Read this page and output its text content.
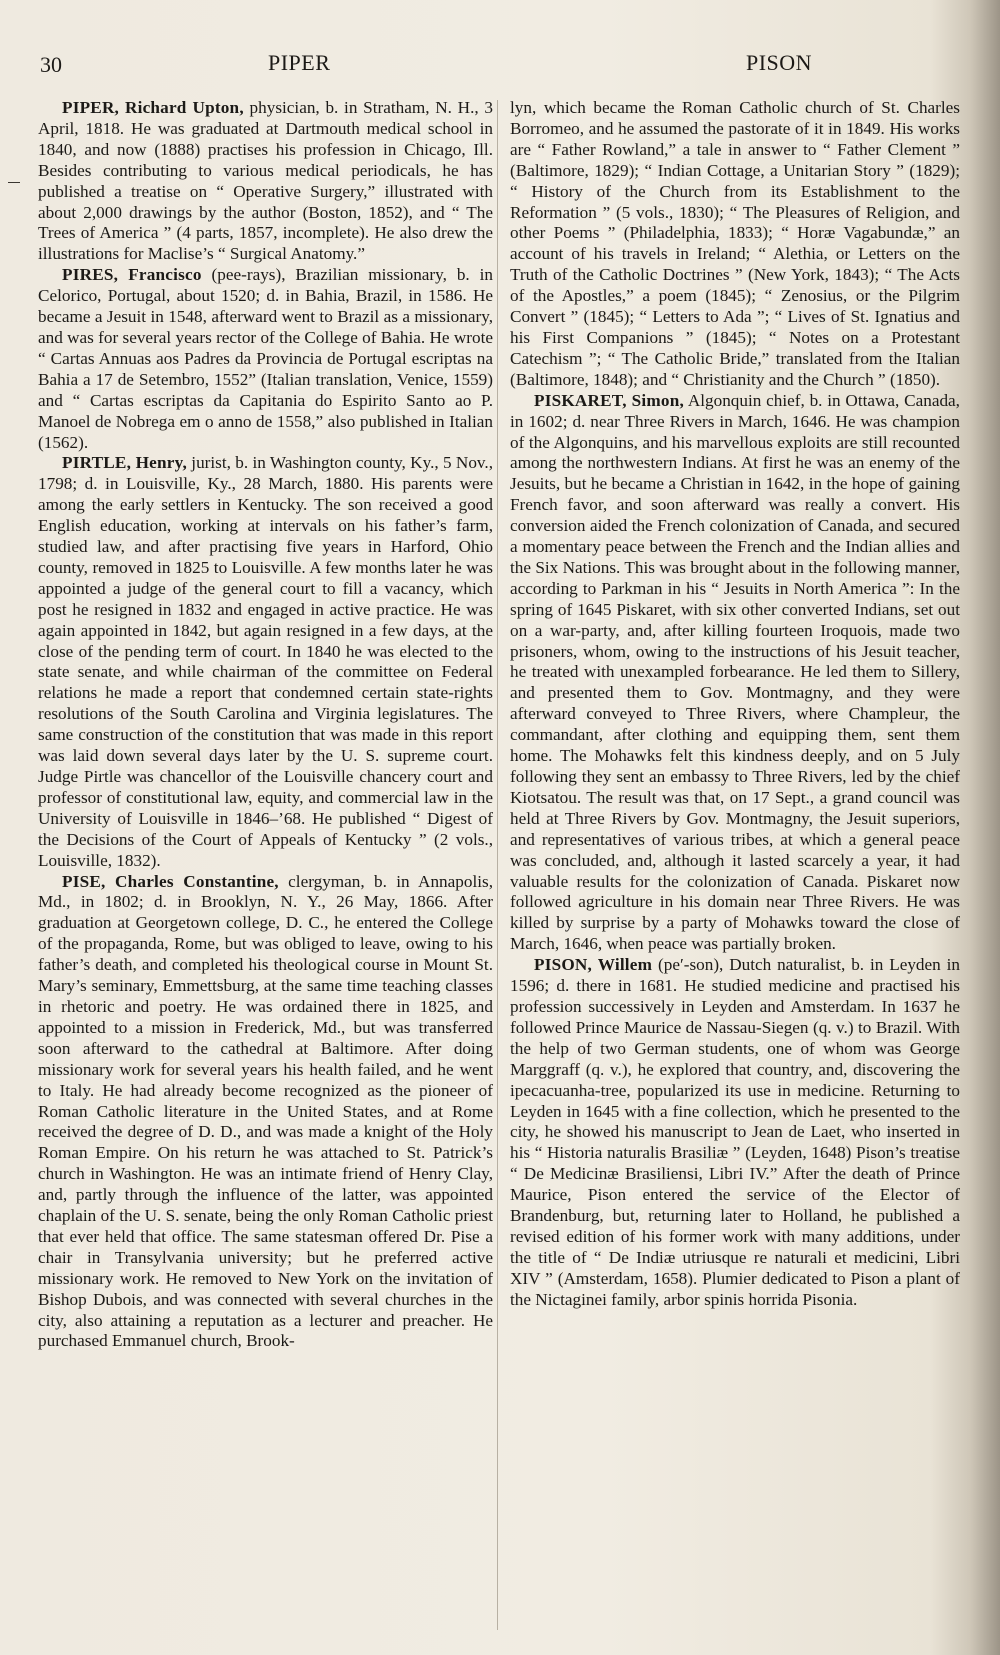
30	PIPER	PISON

PIPER, Richard Upton, physician, b. in Stratham, N. H., 3 April, 1818. He was graduated at Dartmouth medical school in 1840, and now (1888) practises his profession in Chicago, Ill. Besides contributing to various medical periodicals, he has published a treatise on “ Operative Surgery,” illustrated with about 2,000 drawings by the author (Boston, 1852), and “ The Trees of America ” (4 parts, 1857, incomplete). He also drew the illustrations for Maclise’s “ Surgical Anatomy.”

PIRES, Francisco (pee-rays), Brazilian missionary, b. in Celorico, Portugal, about 1520; d. in Bahia, Brazil, in 1586. He became a Jesuit in 1548, afterward went to Brazil as a missionary, and was for several years rector of the College of Bahia. He wrote “ Cartas Annuas aos Padres da Provincia de Portugal escriptas na Bahia a 17 de Setembro, 1552” (Italian translation, Venice, 1559) and “ Cartas escriptas da Capitania do Espirito Santo ao P. Manoel de Nobrega em o anno de 1558,” also published in Italian (1562).

PIRTLE, Henry, jurist, b. in Washington county, Ky., 5 Nov., 1798; d. in Louisville, Ky., 28 March, 1880. His parents were among the early settlers in Kentucky. The son received a good English education, working at intervals on his father’s farm, studied law, and after practising five years in Harford, Ohio county, removed in 1825 to Louisville. A few months later he was appointed a judge of the general court to fill a vacancy, which post he resigned in 1832 and engaged in active practice. He was again appointed in 1842, but again resigned in a few days, at the close of the pending term of court. In 1840 he was elected to the state senate, and while chairman of the committee on Federal relations he made a report that condemned certain state-rights resolutions of the South Carolina and Virginia legislatures. The same construction of the constitution that was made in this report was laid down several days later by the U. S. supreme court. Judge Pirtle was chancellor of the Louisville chancery court and professor of constitutional law, equity, and commercial law in the University of Louisville in 1846–’68. He published “ Digest of the Decisions of the Court of Appeals of Kentucky ” (2 vols., Louisville, 1832).

PISE, Charles Constantine, clergyman, b. in Annapolis, Md., in 1802; d. in Brooklyn, N. Y., 26 May, 1866. After graduation at Georgetown college, D. C., he entered the College of the propaganda, Rome, but was obliged to leave, owing to his father’s death, and completed his theological course in Mount St. Mary’s seminary, Emmettsburg, at the same time teaching classes in rhetoric and poetry. He was ordained there in 1825, and appointed to a mission in Frederick, Md., but was transferred soon afterward to the cathedral at Baltimore. After doing missionary work for several years his health failed, and he went to Italy. He had already become recognized as the pioneer of Roman Catholic literature in the United States, and at Rome received the degree of D. D., and was made a knight of the Holy Roman Empire. On his return he was attached to St. Patrick’s church in Washington. He was an intimate friend of Henry Clay, and, partly through the influence of the latter, was appointed chaplain of the U. S. senate, being the only Roman Catholic priest that ever held that office. The same statesman offered Dr. Pise a chair in Transylvania university; but he preferred active missionary work. He removed to New York on the invitation of Bishop Dubois, and was connected with several churches in the city, also attaining a reputation as a lecturer and preacher. He purchased Emmanuel church, Brook-

lyn, which became the Roman Catholic church of St. Charles Borromeo, and he assumed the pastorate of it in 1849. His works are “ Father Rowland,” a tale in answer to “ Father Clement ” (Baltimore, 1829); “ Indian Cottage, a Unitarian Story ” (1829); “ History of the Church from its Establishment to the Reformation ” (5 vols., 1830); “ The Pleasures of Religion, and other Poems ” (Philadelphia, 1833); “ Horæ Vagabundæ,” an account of his travels in Ireland; “ Alethia, or Letters on the Truth of the Catholic Doctrines ” (New York, 1843); “ The Acts of the Apostles,” a poem (1845); “ Zenosius, or the Pilgrim Convert ” (1845); “ Letters to Ada ”; “ Lives of St. Ignatius and his First Companions ” (1845); “ Notes on a Protestant Catechism ”; “ The Catholic Bride,” translated from the Italian (Baltimore, 1848); and “ Christianity and the Church ” (1850).

PISKARET, Simon, Algonquin chief, b. in Ottawa, Canada, in 1602; d. near Three Rivers in March, 1646. He was champion of the Algonquins, and his marvellous exploits are still recounted among the northwestern Indians. At first he was an enemy of the Jesuits, but he became a Christian in 1642, in the hope of gaining French favor, and soon afterward was really a convert. His conversion aided the French colonization of Canada, and secured a momentary peace between the French and the Indian allies and the Six Nations. This was brought about in the following manner, according to Parkman in his “ Jesuits in North America ”: In the spring of 1645 Piskaret, with six other converted Indians, set out on a war-party, and, after killing fourteen Iroquois, made two prisoners, whom, owing to the instructions of his Jesuit teacher, he treated with unexampled forbearance. He led them to Sillery, and presented them to Gov. Montmagny, and they were afterward conveyed to Three Rivers, where Champleur, the commandant, after clothing and equipping them, sent them home. The Mohawks felt this kindness deeply, and on 5 July following they sent an embassy to Three Rivers, led by the chief Kiotsatou. The result was that, on 17 Sept., a grand council was held at Three Rivers by Gov. Montmagny, the Jesuit superiors, and representatives of various tribes, at which a general peace was concluded, and, although it lasted scarcely a year, it had valuable results for the colonization of Canada. Piskaret now followed agriculture in his domain near Three Rivers. He was killed by surprise by a party of Mohawks toward the close of March, 1646, when peace was partially broken.

PISON, Willem (pe′-son), Dutch naturalist, b. in Leyden in 1596; d. there in 1681. He studied medicine and practised his profession successively in Leyden and Amsterdam. In 1637 he followed Prince Maurice de Nassau-Siegen (q. v.) to Brazil. With the help of two German students, one of whom was George Marggraff (q. v.), he explored that country, and, discovering the ipecacuanha-tree, popularized its use in medicine. Returning to Leyden in 1645 with a fine collection, which he presented to the city, he showed his manuscript to Jean de Laet, who inserted in his “ Historia naturalis Brasiliæ ” (Leyden, 1648) Pison’s treatise “ De Medicinæ Brasiliensi, Libri IV.” After the death of Prince Maurice, Pison entered the service of the Elector of Brandenburg, but, returning later to Holland, he published a revised edition of his former work with many additions, under the title of “ De Indiæ utriusque re naturali et medicini, Libri XIV ” (Amsterdam, 1658). Plumier dedicated to Pison a plant of the Nictaginei family, arbor spinis horrida Pisonia.
